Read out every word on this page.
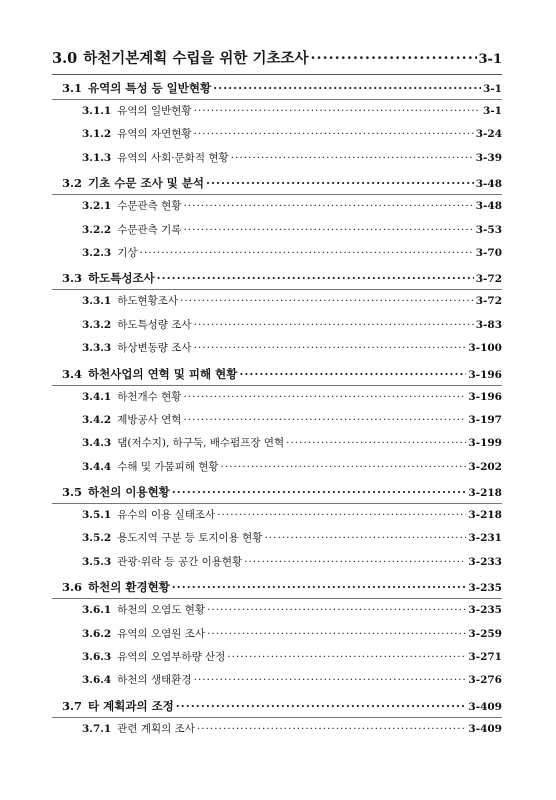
3.0 하천기본계획 수립을 위한 기초조사 ·····	3-1
3.1 유역의 특성 등 일반현황 ·····	3-1
3.1.1 유역의 일반현황 ·····	3-1
3.1.2 유역의 자연현황 ·····	3-24
3.1.3 유역의 사회·문화적 현황 ·····	3-39
3.2 기초 수문 조사 및 분석 ·····	3-48
3.2.1 수문관측 현황 ·····	3-48
3.2.2 수문관측 기록 ·····	3-53
3.2.3 기상 ·····	3-70
3.3 하도특성조사 ·····	3-72
3.3.1 하도현황조사 ·····	3-72
3.3.2 하도특성량 조사 ·····	3-83
3.3.3 하상변동량 조사 ·····	3-100
3.4 하천사업의 연혁 및 피해 현황 ·····	3-196
3.4.1 하천개수 현황 ·····	3-196
3.4.2 제방공사 연혁 ·····	3-197
3.4.3 댐(저수지), 하구둑, 배수펌프장 연혁 ·····	3-199
3.4.4 수해 및 가뭄피해 현황 ·····	3-202
3.5 하천의 이용현황 ·····	3-218
3.5.1 유수의 이용 실태조사 ·····	3-218
3.5.2 용도지역 구분 등 토지이용 현황 ·····	3-231
3.5.3 관광·위락 등 공간 이용현황 ·····	3-233
3.6 하천의 환경현황 ·····	3-235
3.6.1 하천의 오염도 현황 ·····	3-235
3.6.2 유역의 오염원 조사 ·····	3-259
3.6.3 유역의 오염부하량 산정 ·····	3-271
3.6.4 하천의 생태환경 ·····	3-276
3.7 타 계획과의 조정 ·····	3-409
3.7.1 관련 계획의 조사 ·····	3-409
